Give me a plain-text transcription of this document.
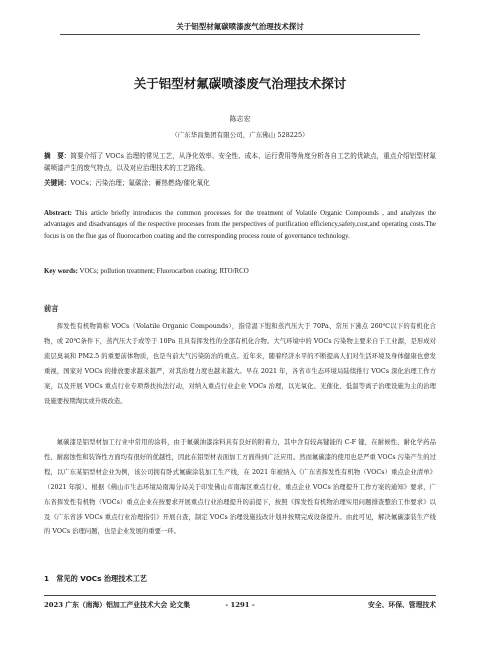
关于铝型材氟碳喷漆废气治理技术探讨
关于铝型材氟碳喷漆废气治理技术探讨
陈志宏
（广东华昌集团有限公司，广东佛山 528225）
摘　要：简要介绍了 VOCs 治理的常见工艺，从净化效率、安全性、成本、运行费用等角度分析各自工艺的优缺点，重点介绍铝型材氟碳喷漆产生的废气特点，以及对应治理技术的工艺路线。
关键词：VOCs；污染治理；氟碳涂；蓄热燃烧/催化氧化
Abstract: This article briefly introduces the common processes for the treatment of Volatile Organic Compounds , and analyzes the advantages and disadvantages of the respective processes from the perspectives of purification efficiency,safety,cost,and operating costs.The focus is on the flue gas of fluorocarbon coating and the corresponding process route of governance technology.
Key words: VOCs; pollution treatment; Fluorocarbon coating; RTO/RCO
前言

挥发性有机物简称 VOCs（Volatile Organic Compounds），指常温下饱和蒸汽压大于 70Pa、常压下沸点 260℃以下的有机化合物，或 20℃条件下，蒸汽压大于或等于 10Pa 且具有挥发性的全部有机化合物。大气环境中的 VOCs 污染物主要来自于工业源，是形成对流层臭氧和 PM2.5 的重要前体物质，也是当前大气污染防治的重点。近年来，随着经济水平的不断提高人们对生活环境及身体健康也愈发重视，国家对 VOCs 的排放要求越来越严，对其治理力度也越来越大。早在 2021 年，各省市生态环境局陆续推行 VOCs 深化治理工作方案，以及开展 VOCs 重点行业专项帮扶执法行动，对纳入重点行业企业 VOCs 治理，以光氧化、光催化、低温等离子治理设施为主的治理设施要按期淘汰或升级改造。

氟碳漆是铝型材加工行业中常用的涂料，由于氟碳油漆涂料具有良好的附着力，其中含有较高键能的 C-F 键，在耐候性、耐化学药品性、耐腐蚀性和装饰性方面均有很好的优越性，因此在铝型材表面加工方面得到广泛应用。然而氟碳漆的使用也是严重 VOCs 污染产生的过程，以广东某铝型材企业为例，该公司拥有卧式氟碳涂装加工生产线，在 2021 年被纳入《广东省挥发性有机物（VOCs）重点企业清单》（2021 年版）。根据《佛山市生态环境局南海分局关于印发佛山市南海区重点行业、重点企业 VOCs 治理提升工作方案的通知》要求，广东省挥发性有机物（VOCs）重点企业在按要求开展重点行业治理提升的前提下，按照《挥发性有机物治理实用问题排查整治工作要求》以及《广东省涉 VOCs 重点行业治理指引》开展自查，制定 VOCs 治理设施技改计划并按期完成设备提升。由此可见，解决氟碳漆装生产线的 VOCs 治理问题，也是企业发展的重要一环。

1　常见的 VOCs 治理技术工艺
2023 广东（南海）铝加工产业技术大会 论文集	- 1291 -	安全、环保、管理技术
